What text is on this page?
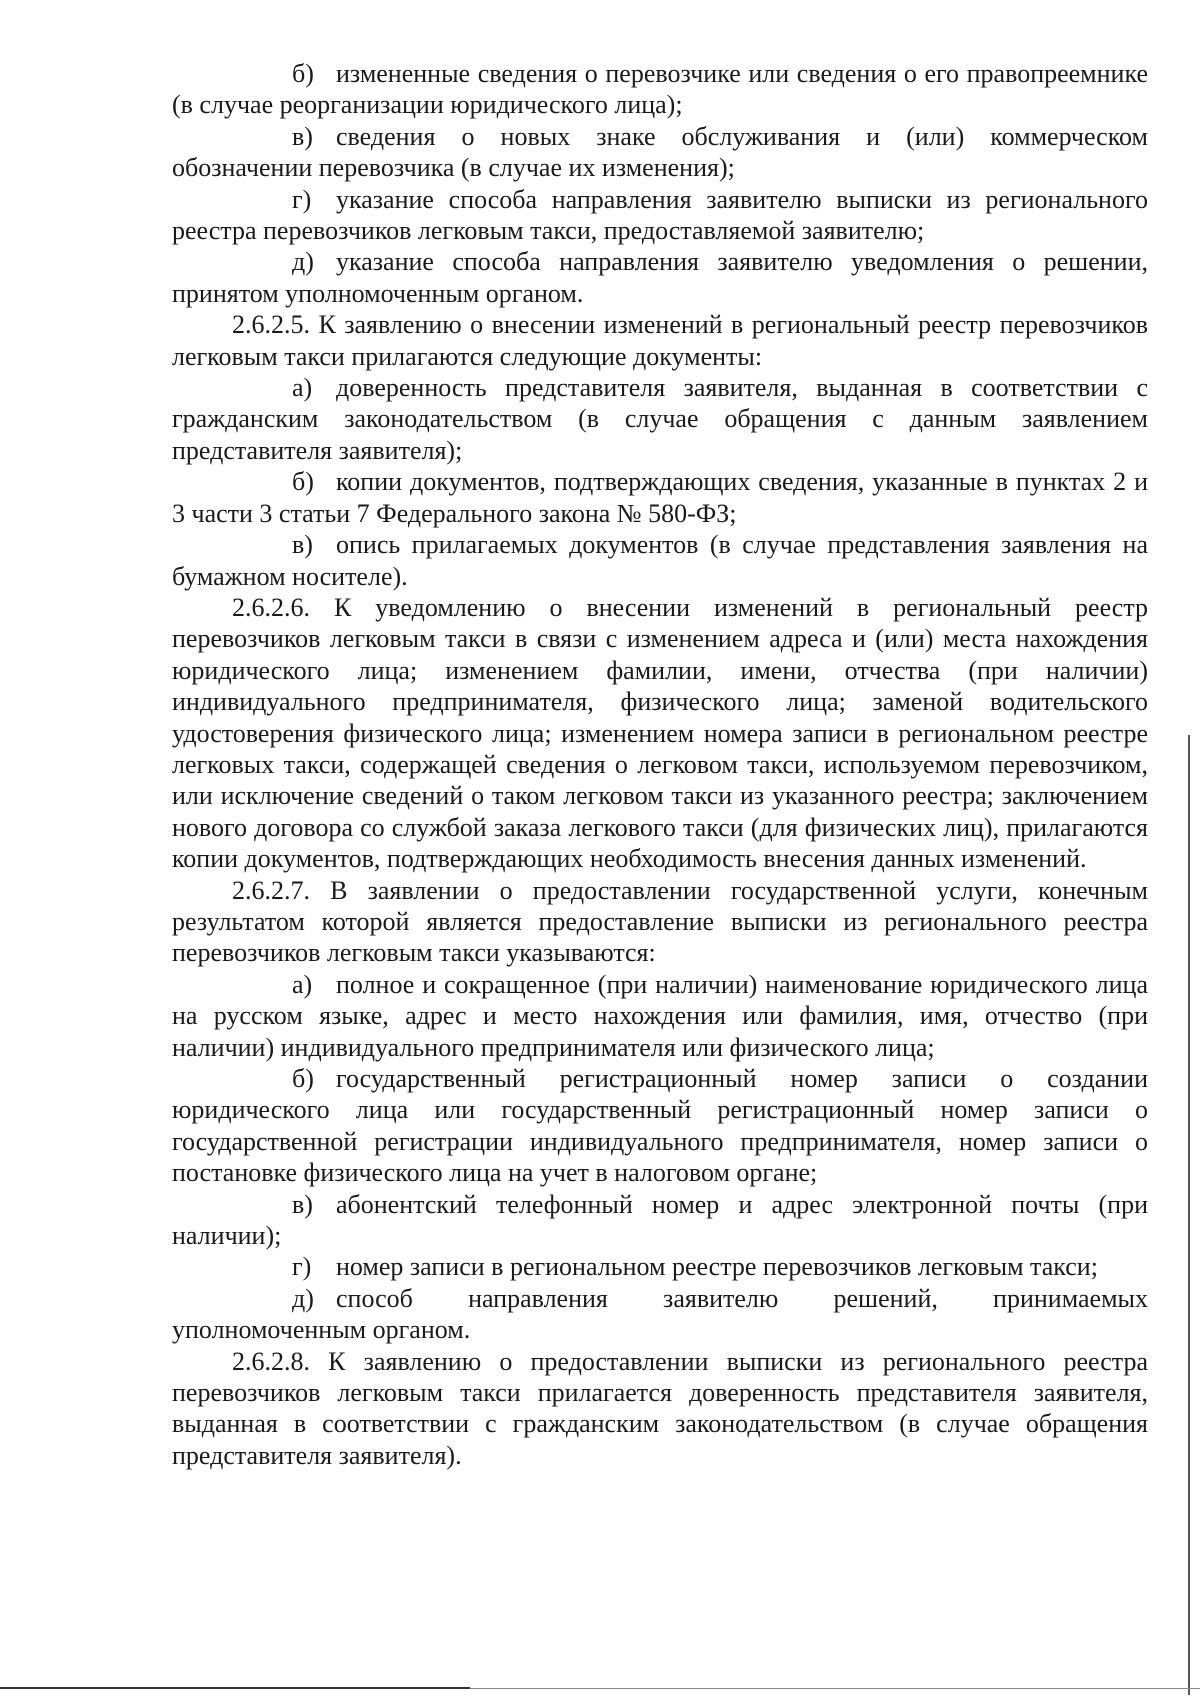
б) измененные сведения о перевозчике или сведения о его правопреемнике (в случае реорганизации юридического лица);

в) сведения о новых знаке обслуживания и (или) коммерческом обозначении перевозчика (в случае их изменения);

г) указание способа направления заявителю выписки из регионального реестра перевозчиков легковым такси, предоставляемой заявителю;

д) указание способа направления заявителю уведомления о решении, принятом уполномоченным органом.

2.6.2.5. К заявлению о внесении изменений в региональный реестр перевозчиков легковым такси прилагаются следующие документы:

а) доверенность представителя заявителя, выданная в соответствии с гражданским законодательством (в случае обращения с данным заявлением представителя заявителя);

б) копии документов, подтверждающих сведения, указанные в пунктах 2 и 3 части 3 статьи 7 Федерального закона № 580-ФЗ;

в) опись прилагаемых документов (в случае представления заявления на бумажном носителе).

2.6.2.6. К уведомлению о внесении изменений в региональный реестр перевозчиков легковым такси в связи с изменением адреса и (или) места нахождения юридического лица; изменением фамилии, имени, отчества (при наличии) индивидуального предпринимателя, физического лица; заменой водительского удостоверения физического лица; изменением номера записи в региональном реестре легковых такси, содержащей сведения о легковом такси, используемом перевозчиком, или исключение сведений о таком легковом такси из указанного реестра; заключением нового договора со службой заказа легкового такси (для физических лиц), прилагаются копии документов, подтверждающих необходимость внесения данных изменений.

2.6.2.7. В заявлении о предоставлении государственной услуги, конечным результатом которой является предоставление выписки из регионального реестра перевозчиков легковым такси указываются:

а) полное и сокращенное (при наличии) наименование юридического лица на русском языке, адрес и место нахождения или фамилия, имя, отчество (при наличии) индивидуального предпринимателя или физического лица;

б) государственный регистрационный номер записи о создании юридического лица или государственный регистрационный номер записи о государственной регистрации индивидуального предпринимателя, номер записи о постановке физического лица на учет в налоговом органе;

в) абонентский телефонный номер и адрес электронной почты (при наличии);

г) номер записи в региональном реестре перевозчиков легковым такси;

д) способ направления заявителю решений, принимаемых уполномоченным органом.

2.6.2.8. К заявлению о предоставлении выписки из регионального реестра перевозчиков легковым такси прилагается доверенность представителя заявителя, выданная в соответствии с гражданским законодательством (в случае обращения представителя заявителя).
